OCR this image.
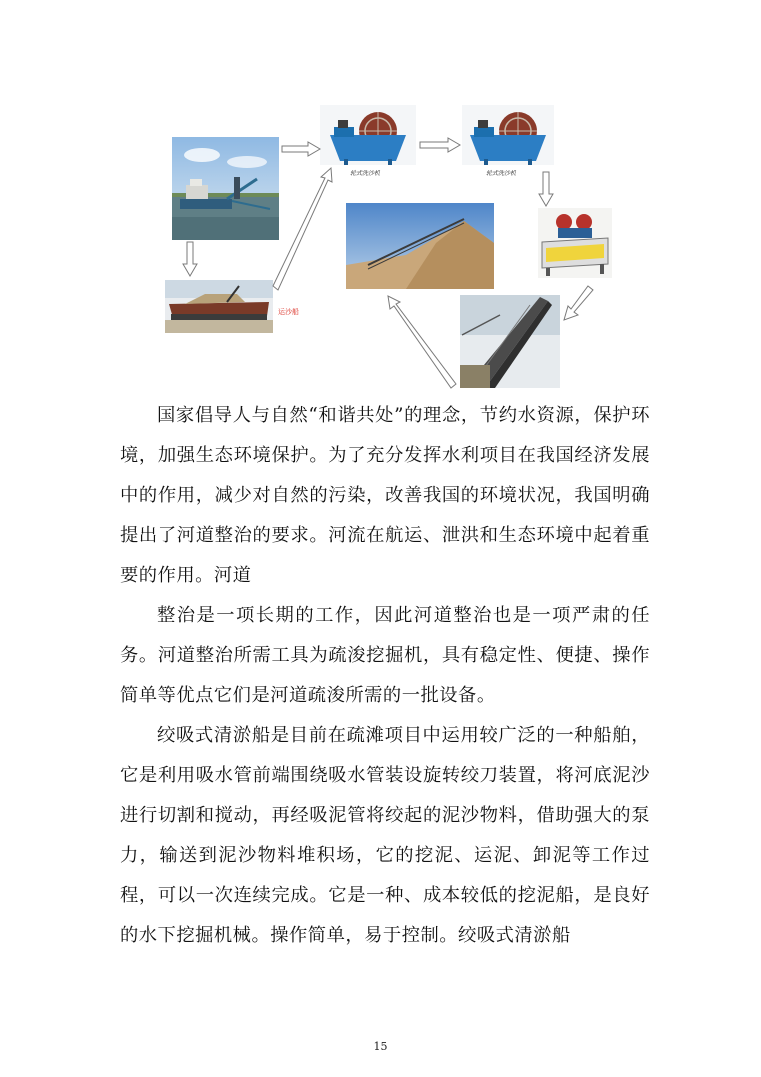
轮式洗沙机	轮式洗沙机
运沙船

国家倡导人与自然“和谐共处”的理念，节约水资源，保护环境，加强生态环境保护。为了充分发挥水利项目在我国经济发展中的作用，减少对自然的污染，改善我国的环境状况，我国明确提出了河道整治的要求。河流在航运、泄洪和生态环境中起着重要的作用。河道

整治是一项长期的工作，因此河道整治也是一项严肃的任务。河道整治所需工具为疏浚挖掘机，具有稳定性、便捷、操作简单等优点它们是河道疏浚所需的一批设备。

绞吸式清淤船是目前在疏滩项目中运用较广泛的一种船舶，它是利用吸水管前端围绕吸水管装设旋转绞刀装置，将河底泥沙进行切割和搅动，再经吸泥管将绞起的泥沙物料，借助强大的泵力，输送到泥沙物料堆积场，它的挖泥、运泥、卸泥等工作过程，可以一次连续完成。它是一种、成本较低的挖泥船，是良好的水下挖掘机械。操作简单，易于控制。绞吸式清淤船

15
